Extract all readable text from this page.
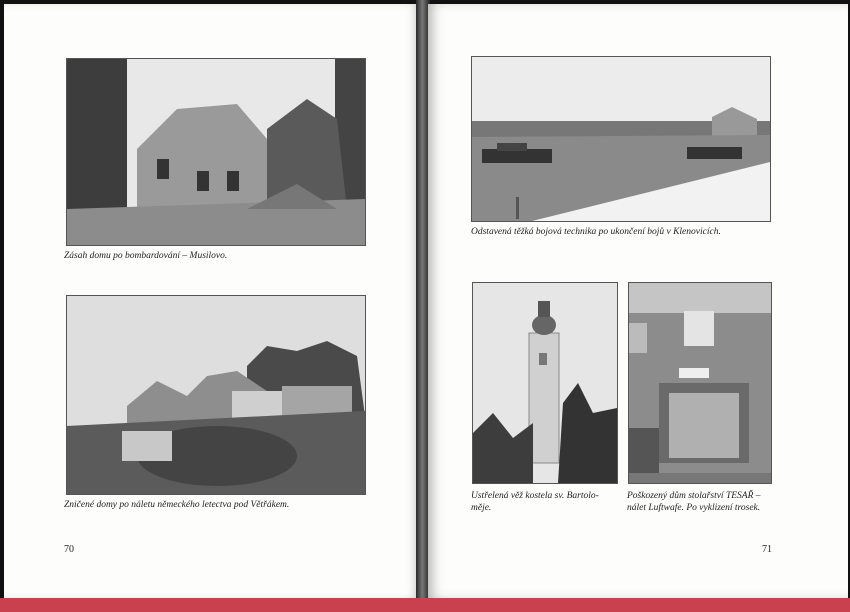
Zásah domu po bombardování – Musilovo.
Zničené domy po náletu německého letectva pod Větřákem.
70
Odstavená těžká bojová technika po ukončení bojů v Klenovicích.
Ustřelená věž kostela sv. Bartolo-
měje.
Poškozený dům stolařství TESAŘ –
nálet Luftwafe. Po vyklizení trosek.
71
